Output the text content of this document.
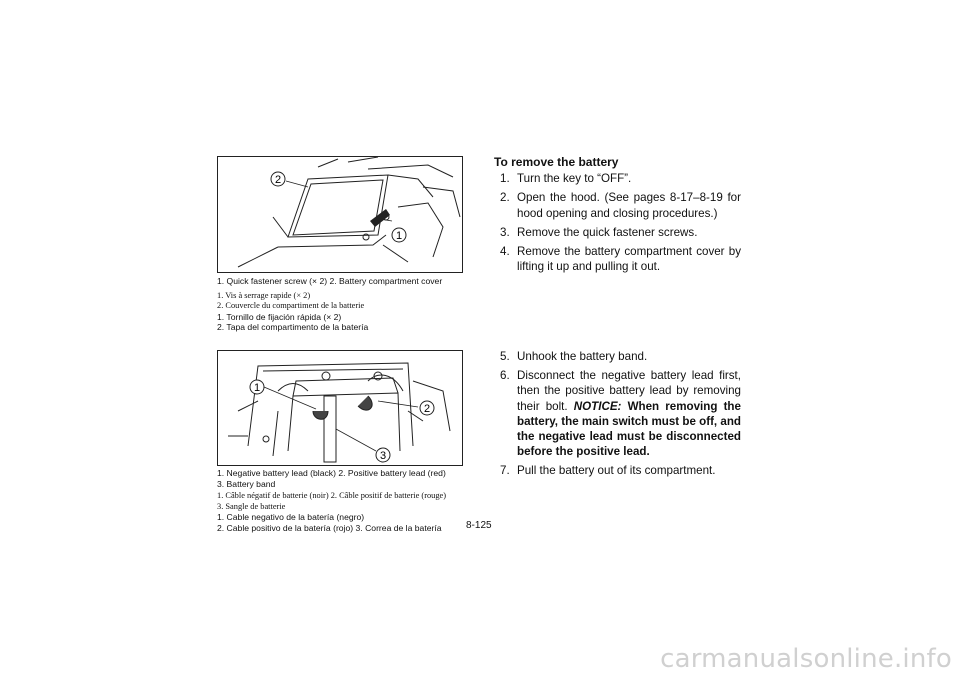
2
1
1. Quick fastener screw (× 2) 2. Battery compartment cover
1. Vis à serrage rapide (× 2)
2. Couvercle du compartiment de la batterie
1. Tornillo de fijación rápida (× 2)
2. Tapa del compartimento de la batería
1
2
3
1. Negative battery lead (black) 2. Positive battery lead (red)
3. Battery band
1. Câble négatif de batterie (noir) 2. Câble positif de batterie (rouge)
3. Sangle de batterie
1. Cable negativo de la batería (negro)
2. Cable positivo de la batería (rojo) 3. Correa de la batería	8-125
To remove the battery
1. Turn the key to “OFF”.
2. Open the hood. (See pages 8-17–8-19 for hood opening and closing procedures.)
3. Remove the quick fastener screws.
4. Remove the battery compartment cover by lifting it up and pulling it out.
5. Unhook the battery band.
6. Disconnect the negative battery lead first, then the positive battery lead by removing their bolt. NOTICE: When removing the battery, the main switch must be off, and the negative lead must be disconnected before the positive lead.
7. Pull the battery out of its compartment.
carmanualsonline.info
